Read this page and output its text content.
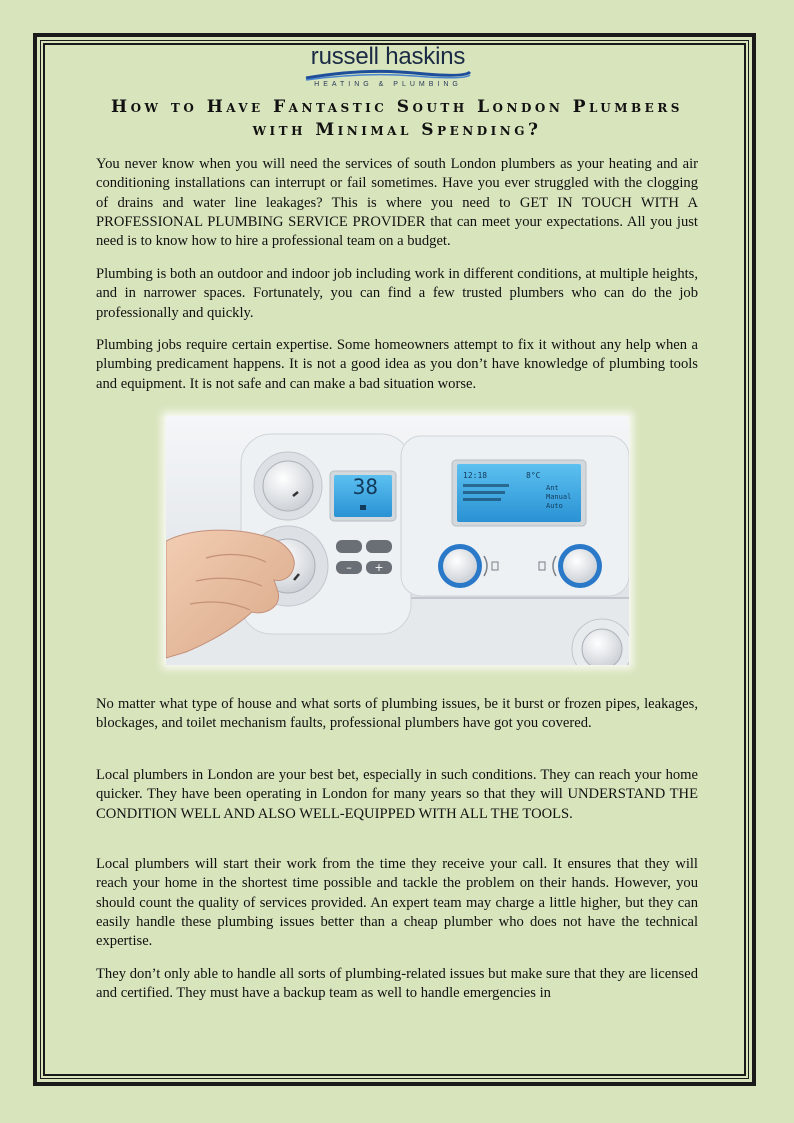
russell haskins
HEATING & PLUMBING
How to Have Fantastic South London Plumbers with Minimal Spending?

You never know when you will need the services of south London plumbers as your heating and air conditioning installations can interrupt or fail sometimes. Have you ever struggled with the clogging of drains and water line leakages? This is where you need to GET IN TOUCH WITH A PROFESSIONAL PLUMBING SERVICE PROVIDER that can meet your expectations. All you just need is to know how to hire a professional team on a budget.

Plumbing is both an outdoor and indoor job including work in different conditions, at multiple heights, and in narrower spaces. Fortunately, you can find a few trusted plumbers who can do the job professionally and quickly.

Plumbing jobs require certain expertise. Some homeowners attempt to fix it without any help when a plumbing predicament happens. It is not a good idea as you don’t have knowledge of plumbing tools and equipment. It is not safe and can make a bad situation worse.

38
– +
12:18	8°C
Ant
Manual
Auto

No matter what type of house and what sorts of plumbing issues, be it burst or frozen pipes, leakages, blockages, and toilet mechanism faults, professional plumbers have got you covered.

Local plumbers in London are your best bet, especially in such conditions. They can reach your home quicker. They have been operating in London for many years so that they will UNDERSTAND THE CONDITION WELL AND ALSO WELL-EQUIPPED WITH ALL THE TOOLS.

Local plumbers will start their work from the time they receive your call. It ensures that they will reach your home in the shortest time possible and tackle the problem on their hands. However, you should count the quality of services provided. An expert team may charge a little higher, but they can easily handle these plumbing issues better than a cheap plumber who does not have the technical expertise.

They don’t only able to handle all sorts of plumbing-related issues but make sure that they are licensed and certified. They must have a backup team as well to handle emergencies in
